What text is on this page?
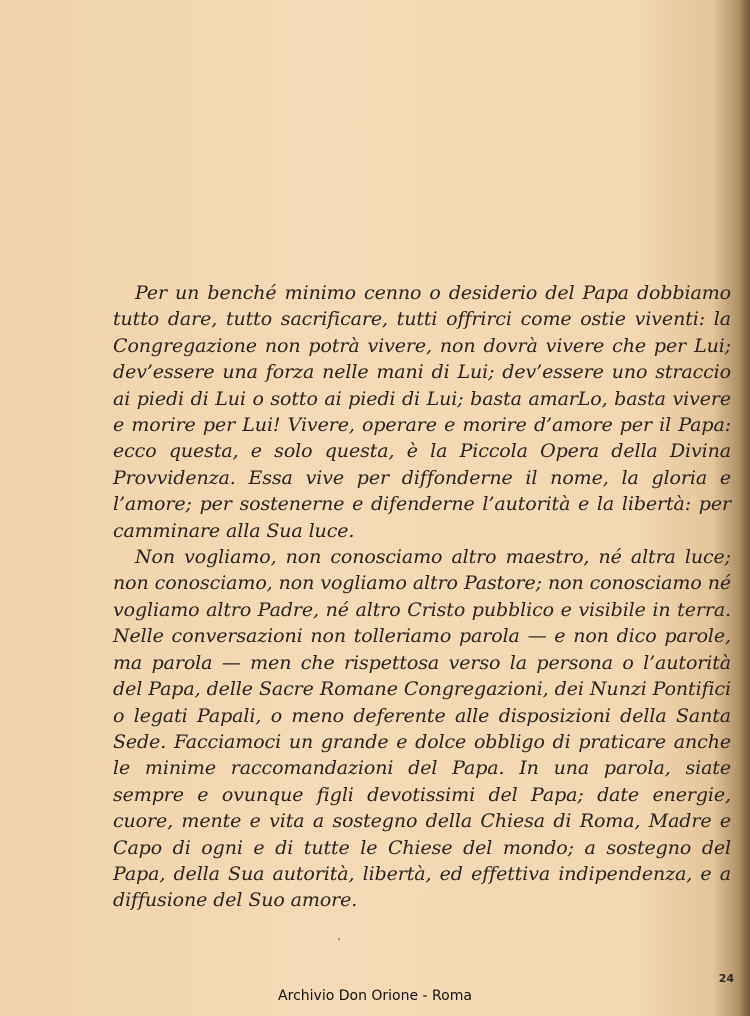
Per un benché minimo cenno o desiderio del Papa dobbiamo tutto dare, tutto sacrificare, tutti offrirci come ostie viventi: la Congregazione non potrà vivere, non dovrà vivere che per Lui; dev’essere una forza nelle mani di Lui; dev’essere uno straccio ai piedi di Lui o sotto ai piedi di Lui; basta amarLo, basta vivere e morire per Lui! Vivere, operare e morire d’amore per il Papa: ecco questa, e solo questa, è la Piccola Opera della Divina Provvidenza. Essa vive per diffonderne il nome, la gloria e l’amore; per sostenerne e difenderne l’autorità e la libertà: per camminare alla Sua luce.

Non vogliamo, non conosciamo altro maestro, né altra luce; non conosciamo, non vogliamo altro Pastore; non conosciamo né vogliamo altro Padre, né altro Cristo pubblico e visibile in terra. Nelle conversazioni non tolleriamo parola — e non dico parole, ma parola — men che rispettosa verso la persona o l’autorità del Papa, delle Sacre Romane Congregazioni, dei Nunzi Pontifici o legati Papali, o meno deferente alle disposizioni della Santa Sede. Facciamoci un grande e dolce obbligo di praticare anche le minime raccomandazioni del Papa. In una parola, siate sempre e ovunque figli devotissimi del Papa; date energie, cuore, mente e vita a sostegno della Chiesa di Roma, Madre e Capo di ogni e di tutte le Chiese del mondo; a sostegno del Papa, della Sua autorità, libertà, ed effettiva indipendenza, e a diffusione del Suo amore.

24
Archivio Don Orione - Roma
